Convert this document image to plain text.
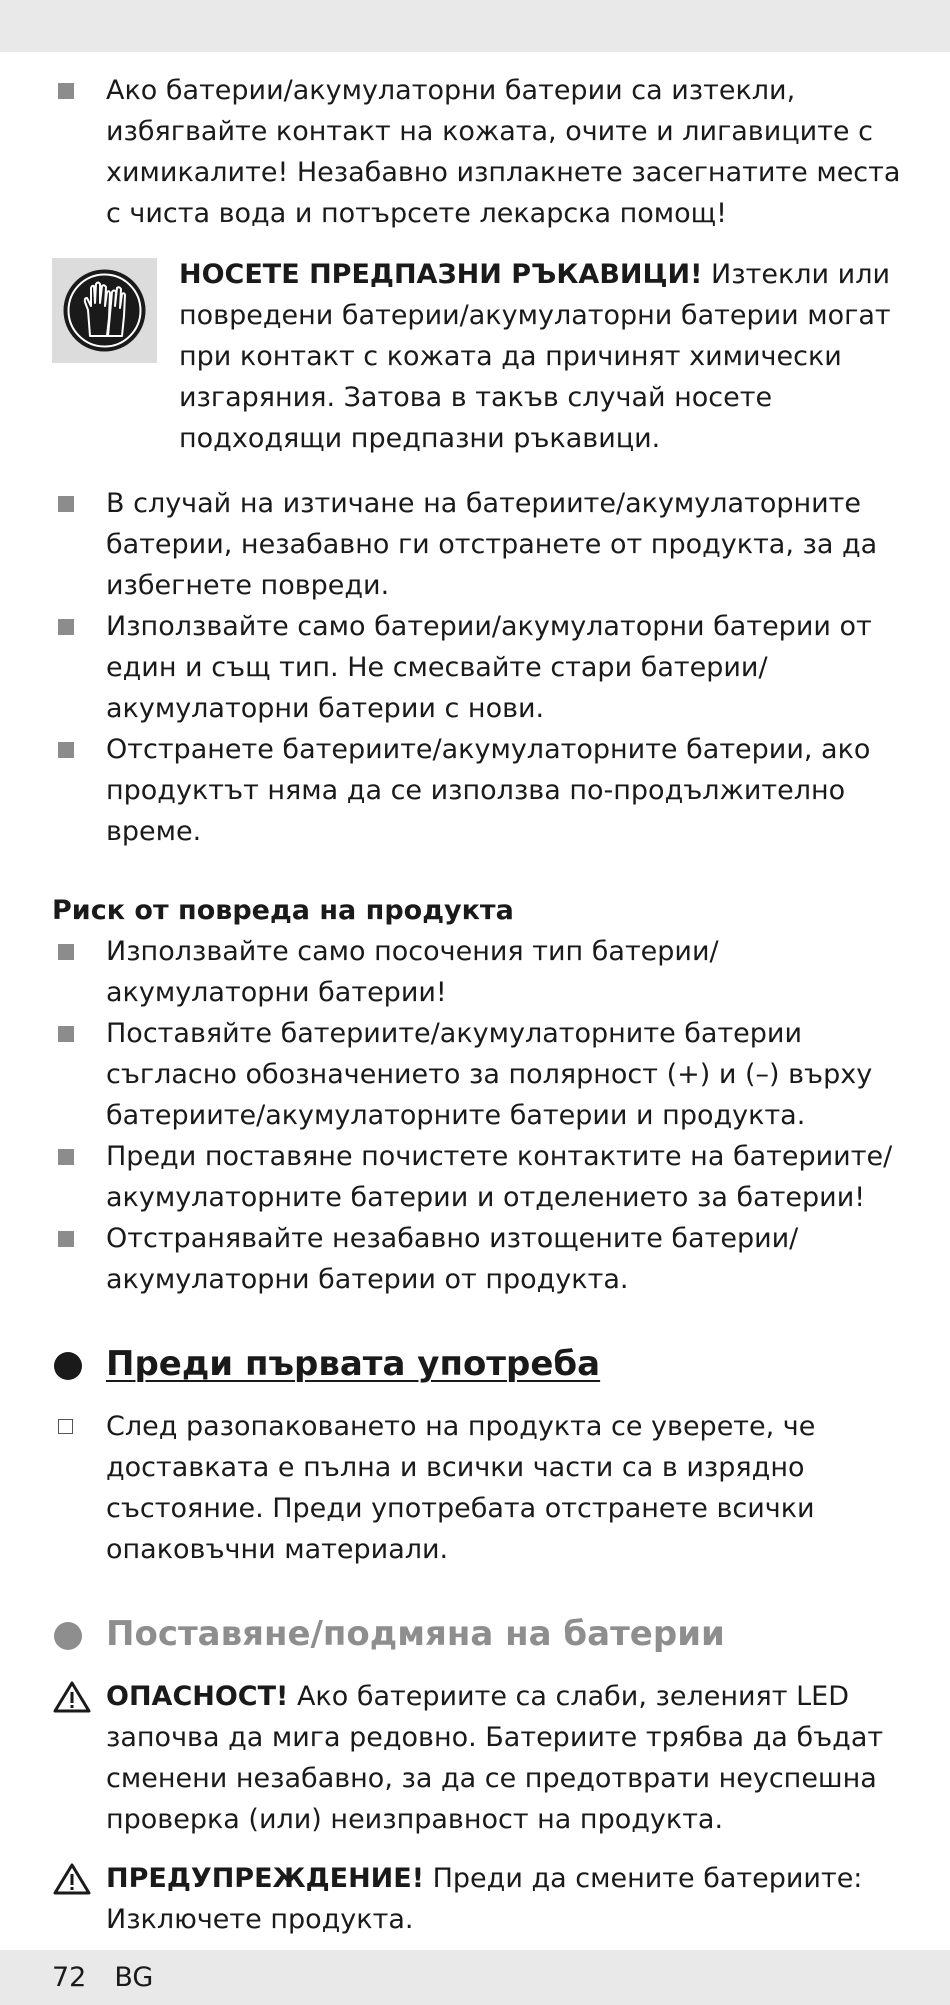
Ако батерии/акумулаторни батерии са изтекли, избягвайте контакт на кожата, очите и лигавиците с химикалите! Незабавно изплакнете засегнатите места с чиста вода и потърсете лекарска помощ!
НОСЕТЕ ПРЕДПАЗНИ РЪКАВИЦИ! Изтекли или повредени батерии/акумулаторни батерии могат при контакт с кожата да причинят химически изгаряния. Затова в такъв случай носете подходящи предпазни ръкавици.
В случай на изтичане на батериите/акумулаторните батерии, незабавно ги отстранете от продукта, за да избегнете повреди.
Използвайте само батерии/акумулаторни батерии от един и същ тип. Не смесвайте стари батерии/ акумулаторни батерии с нови.
Отстранете батериите/акумулаторните батерии, ако продуктът няма да се използва по-продължително време.
Риск от повреда на продукта
Използвайте само посочения тип батерии/ акумулаторни батерии!
Поставяйте батериите/акумулаторните батерии съгласно обозначението за полярност (+) и (–) върху батериите/акумулаторните батерии и продукта.
Преди поставяне почистете контактите на батериите/ акумулаторните батерии и отделението за батерии!
Отстранявайте незабавно изтощените батерии/ акумулаторни батерии от продукта.
Преди първата употреба
След разопаковането на продукта се уверете, че доставката е пълна и всички части са в изрядно състояние. Преди употребата отстранете всички опаковъчни материали.
Поставяне/подмяна на батерии
ОПАСНОСТ! Ако батериите са слаби, зеленият LED започва да мига редовно. Батериите трябва да бъдат сменени незабавно, за да се предотврати неуспешна проверка (или) неизправност на продукта.
ПРЕДУПРЕЖДЕНИЕ! Преди да смените батериите: Изключете продукта.
72 BG
